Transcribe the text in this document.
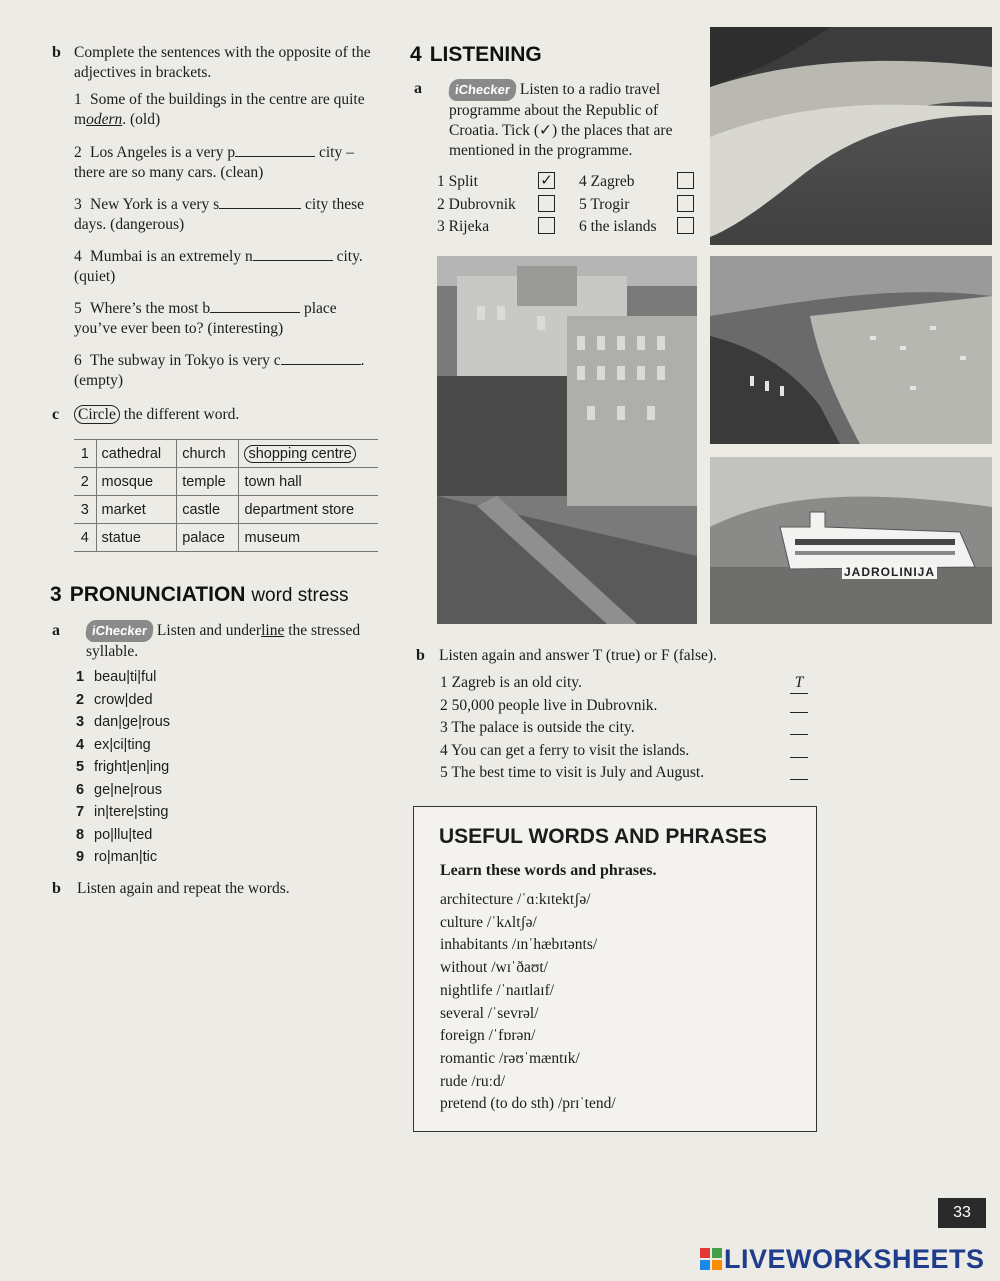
b Complete the sentences with the opposite of the adjectives in brackets.
1 Some of the buildings in the centre are quite modern. (old)
2 Los Angeles is a very p	city – there are so many cars. (clean)
3 New York is a very s	city these days. (dangerous)
4 Mumbai is an extremely n	city. (quiet)
5 Where’s the most b	place you’ve ever been to? (interesting)
6 The subway in Tokyo is very c	. (empty)
c Circle the different word.
1	cathedral	church	shopping centre
2	mosque	temple	town hall
3	market	castle	department store
4	statue	palace	museum
3 PRONUNCIATION word stress
a	iChecker Listen and underline the stressed syllable.
1 beau|ti|ful
2 crow|ded
3 dan|ge|rous
4 ex|ci|ting
5 fright|en|ing
6 ge|ne|rous
7 in|tere|sting
8 po|llu|ted
9 ro|man|tic
b Listen again and repeat the words.
4 LISTENING
a	iChecker Listen to a radio travel programme about the Republic of Croatia. Tick (✓) the places that are mentioned in the programme.
1 Split	✓ 4 Zagreb
2 Dubrovnik	5 Trogir
3 Rijeka	6 the islands
JADROLINIJA
b Listen again and answer T (true) or F (false).
1 Zagreb is an old city.	T
2 50,000 people live in Dubrovnik.
3 The palace is outside the city.
4 You can get a ferry to visit the islands.
5 The best time to visit is July and August.
USEFUL WORDS AND PHRASES
Learn these words and phrases.
architecture /ˈɑːkɪtektʃə/
culture /ˈkʌltʃə/
inhabitants /ɪnˈhæbɪtənts/
without /wɪˈðaʊt/
nightlife /ˈnaɪtlaɪf/
several /ˈsevrəl/
foreign /ˈfɒrən/
romantic /rəʊˈmæntɪk/
rude /ruːd/
pretend (to do sth) /prɪˈtend/
33
LIVEWORKSHEETS
